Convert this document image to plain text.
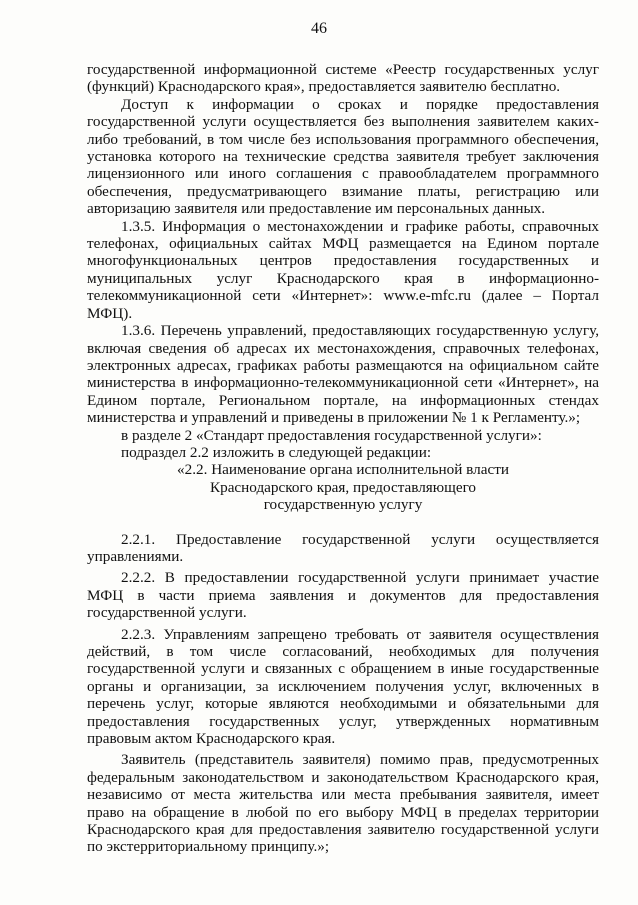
46

государственной информационной системе «Реестр государственных услуг (функций) Краснодарского края», предоставляется заявителю бесплатно.

Доступ к информации о сроках и порядке предоставления государственной услуги осуществляется без выполнения заявителем каких-либо требований, в том числе без использования программного обеспечения, установка которого на технические средства заявителя требует заключения лицензионного или иного соглашения с правообладателем программного обеспечения, предусматривающего взимание платы, регистрацию или авторизацию заявителя или предоставление им персональных данных.

1.3.5. Информация о местонахождении и графике работы, справочных телефонах, официальных сайтах МФЦ размещается на Едином портале многофункциональных центров предоставления государственных и муниципальных услуг Краснодарского края в информационно-телекоммуникационной сети «Интернет»: www.e-mfc.ru (далее – Портал МФЦ).

1.3.6. Перечень управлений, предоставляющих государственную услугу, включая сведения об адресах их местонахождения, справочных телефонах, электронных адресах, графиках работы размещаются на официальном сайте министерства в информационно-телекоммуникационной сети «Интернет», на Едином портале, Региональном портале, на информационных стендах министерства и управлений и приведены в приложении № 1 к Регламенту.»;

в разделе 2 «Стандарт предоставления государственной услуги»:

подраздел 2.2 изложить в следующей редакции:

«2.2. Наименование органа исполнительной власти

Краснодарского края, предоставляющего

государственную услугу

2.2.1. Предоставление государственной услуги осуществляется управлениями.

2.2.2. В предоставлении государственной услуги принимает участие МФЦ в части приема заявления и документов для предоставления государственной услуги.

2.2.3. Управлениям запрещено требовать от заявителя осуществления действий, в том числе согласований, необходимых для получения государственной услуги и связанных с обращением в иные государственные органы и организации, за исключением получения услуг, включенных в перечень услуг, которые являются необходимыми и обязательными для предоставления государственных услуг, утвержденных нормативным правовым актом Краснодарского края.

Заявитель (представитель заявителя) помимо прав, предусмотренных федеральным законодательством и законодательством Краснодарского края, независимо от места жительства или места пребывания заявителя, имеет право на обращение в любой по его выбору МФЦ в пределах территории Краснодарского края для предоставления заявителю государственной услуги по экстерриториальному принципу.»;
